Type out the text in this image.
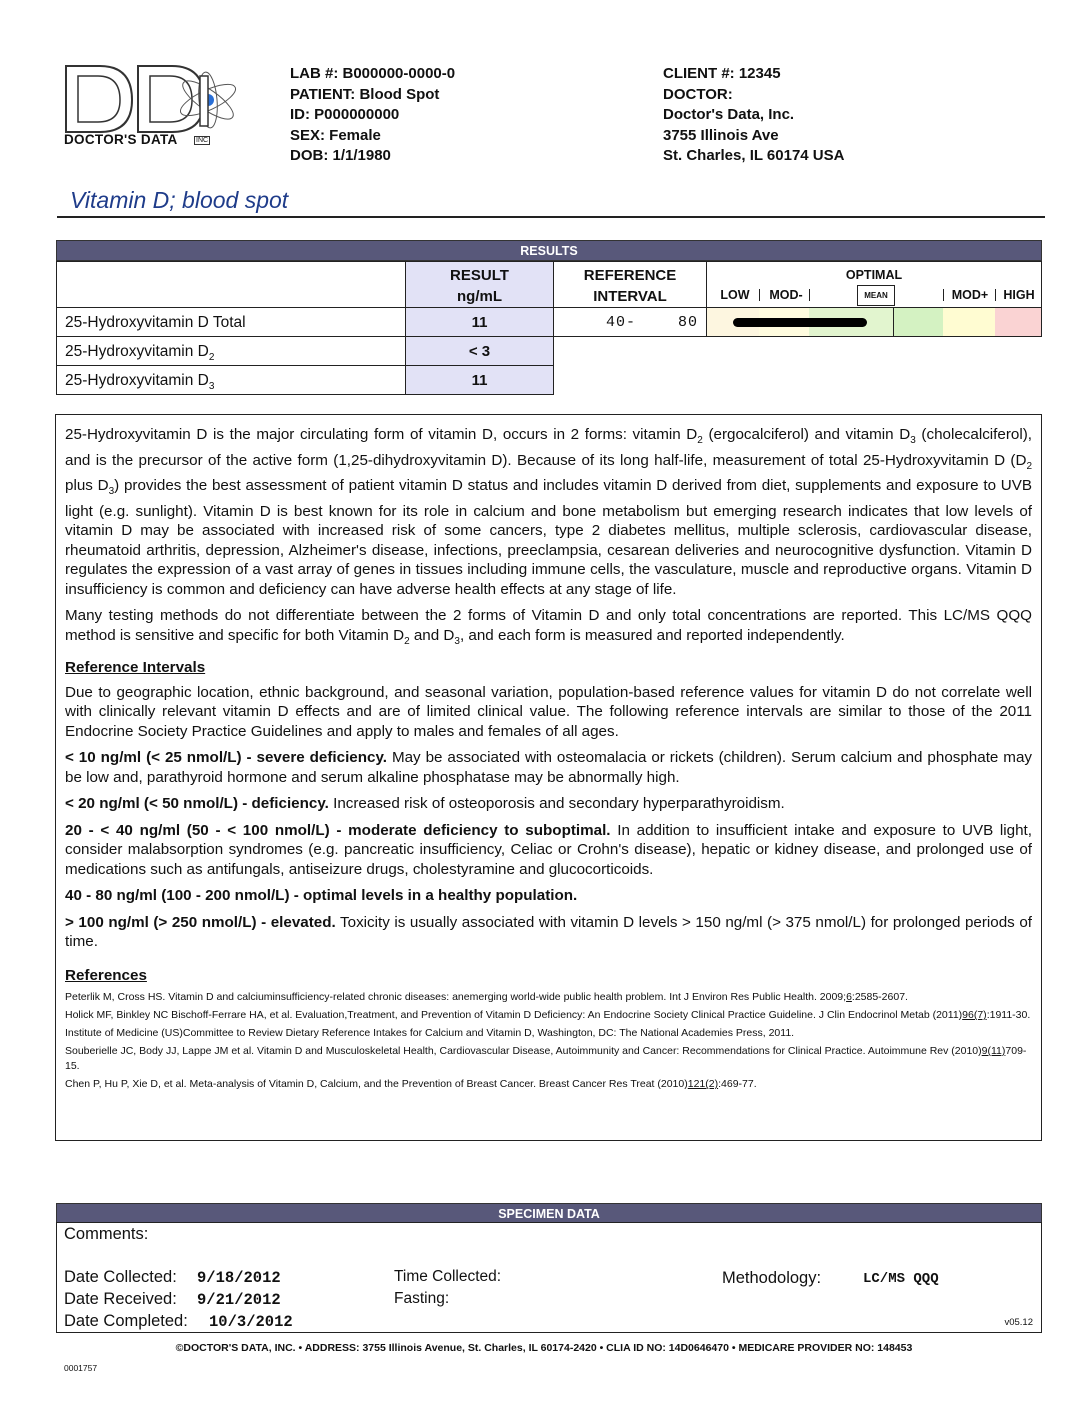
DOCTOR'S DATA	INC
LAB #: B000000-0000-0
PATIENT: Blood Spot
ID: P000000000
SEX: Female
DOB: 1/1/1980
CLIENT #: 12345
DOCTOR:
Doctor's Data, Inc.
3755 Illinois Ave
St. Charles, IL 60174 USA
Vitamin D; blood spot
RESULTS
RESULT
ng/mL
REFERENCE
INTERVAL
OPTIMAL
LOW	MOD-	MEAN	MOD+	HIGH
25-Hydroxyvitamin D Total	11	40-	80
25-Hydroxyvitamin $D_2$	< 3
25-Hydroxyvitamin $D_3$	11

25-Hydroxyvitamin D is the major circulating form of vitamin D, occurs in 2 forms: vitamin $D_2$ (ergocalciferol) and vitamin $D_3$ (cholecalciferol), and is the precursor of the active form (1,25-dihydroxyvitamin D). Because of its long half-life, measurement of total 25-Hydroxyvitamin D ($D_2$ plus $D_3$) provides the best assessment of patient vitamin D status and includes vitamin D derived from diet, supplements and exposure to UVB light (e.g. sunlight). Vitamin D is best known for its role in calcium and bone metabolism but emerging research indicates that low levels of vitamin D may be associated with increased risk of some cancers, type 2 diabetes mellitus, multiple sclerosis, cardiovascular disease, rheumatoid arthritis, depression, Alzheimer's disease, infections, preeclampsia, cesarean deliveries and neurocognitive dysfunction. Vitamin D regulates the expression of a vast array of genes in tissues including immune cells, the vasculature, muscle and reproductive organs. Vitamin D insufficiency is common and deficiency can have adverse health effects at any stage of life.

Many testing methods do not differentiate between the 2 forms of Vitamin D and only total concentrations are reported. This LC/MS QQQ method is sensitive and specific for both Vitamin $D_2$ and $D_3$, and each form is measured and reported independently.

Reference Intervals

Due to geographic location, ethnic background, and seasonal variation, population-based reference values for vitamin D do not correlate well with clinically relevant vitamin D effects and are of limited clinical value. The following reference intervals are similar to those of the 2011 Endocrine Society Practice Guidelines and apply to males and females of all ages.

< 10 ng/ml (< 25 nmol/L) - severe deficiency. May be associated with osteomalacia or rickets (children). Serum calcium and phosphate may be low and, parathyroid hormone and serum alkaline phosphatase may be abnormally high.

< 20 ng/ml (< 50 nmol/L) - deficiency. Increased risk of osteoporosis and secondary hyperparathyroidism.

20 - < 40 ng/ml (50 - < 100 nmol/L) - moderate deficiency to suboptimal. In addition to insufficient intake and exposure to UVB light, consider malabsorption syndromes (e.g. pancreatic insufficiency, Celiac or Crohn's disease), hepatic or kidney disease, and prolonged use of medications such as antifungals, antiseizure drugs, cholestyramine and glucocorticoids.

40 - 80 ng/ml (100 - 200 nmol/L) - optimal levels in a healthy population.

> 100 ng/ml (> 250 nmol/L) - elevated. Toxicity is usually associated with vitamin D levels > 150 ng/ml (> 375 nmol/L) for prolonged periods of time.

References

Peterlik M, Cross HS. Vitamin D and calciuminsufficiency-related chronic diseases: anemerging world-wide public health problem. Int J Environ Res Public Health. 2009;6:2585-2607.

Holick MF, Binkley NC Bischoff-Ferrare HA, et al. Evaluation,Treatment, and Prevention of Vitamin D Deficiency: An Endocrine Society Clinical Practice Guideline. J Clin Endocrinol Metab (2011)96(7):1911-30.

Institute of Medicine (US)Committee to Review Dietary Reference Intakes for Calcium and Vitamin D, Washington, DC: The National Academies Press, 2011.

Souberielle JC, Body JJ, Lappe JM et al. Vitamin D and Musculoskeletal Health, Cardiovascular Disease, Autoimmunity and Cancer: Recommendations for Clinical Practice. Autoimmune Rev (2010)9(11)709-15.

Chen P, Hu P, Xie D, et al. Meta-analysis of Vitamin D, Calcium, and the Prevention of Breast Cancer. Breast Cancer Res Treat (2010)121(2):469-77.

SPECIMEN DATA
Comments:
Date Collected: 9/18/2012
Date Received: 9/21/2012
Date Completed: 10/3/2012
Time Collected:
Fasting:
Methodology:	LC/MS QQQ
v05.12
©DOCTOR'S DATA, INC. • ADDRESS: 3755 Illinois Avenue, St. Charles, IL 60174-2420 • CLIA ID NO: 14D0646470 • MEDICARE PROVIDER NO: 148453
0001757
